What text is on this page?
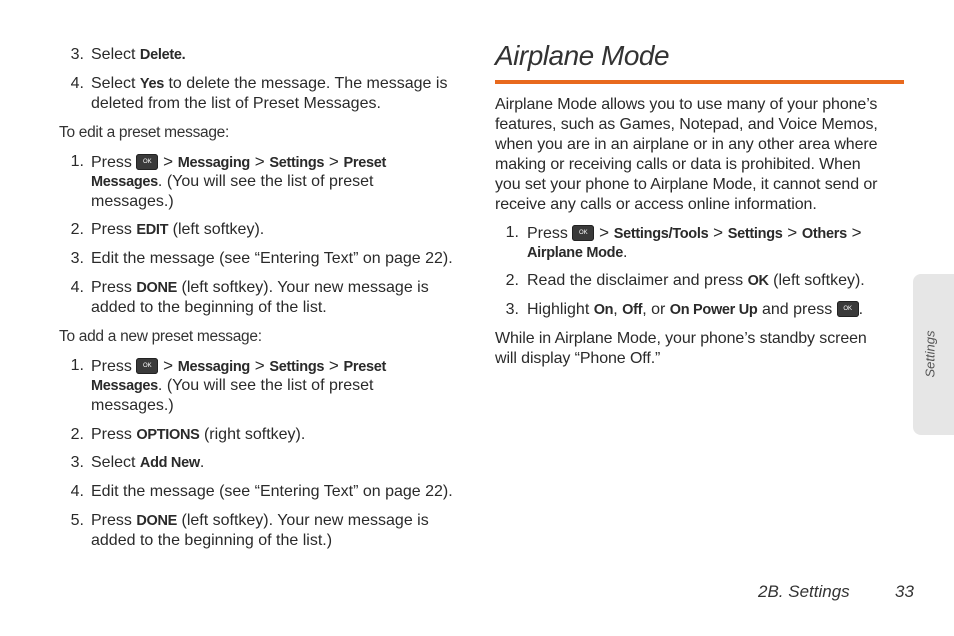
3. Select Delete.
4. Select Yes to delete the message. The message is
deleted from the list of Preset Messages.
To edit a preset message:
1. Press	OK > Messaging > Settings > Preset
Messages. (You will see the list of preset
messages.)
2. Press EDIT (left softkey).
3. Edit the message (see “Entering Text” on page 22).
4. Press DONE (left softkey). Your new message is
added to the beginning of the list.
To add a new preset message:
1. Press	OK > Messaging > Settings > Preset
Messages. (You will see the list of preset
messages.)
2. Press OPTIONS (right softkey).
3. Select Add New.
4. Edit the message (see “Entering Text” on page 22).
5. Press DONE (left softkey). Your new message is
added to the beginning of the list.)
Airplane Mode
Airplane Mode allows you to use many of your phone’s
features, such as Games, Notepad, and Voice Memos,
when you are in an airplane or in any other area where
making or receiving calls or data is prohibited. When
you set your phone to Airplane Mode, it cannot send or
receive any calls or access online information.
1. Press	OK > Settings/Tools > Settings > Others >
Airplane Mode.
2. Read the disclaimer and press OK (left softkey).
3. Highlight On, Off, or On Power Up and press	OK .
While in Airplane Mode, your phone’s standby screen
will display “Phone Off.”	Settings
2B. Settings	33
